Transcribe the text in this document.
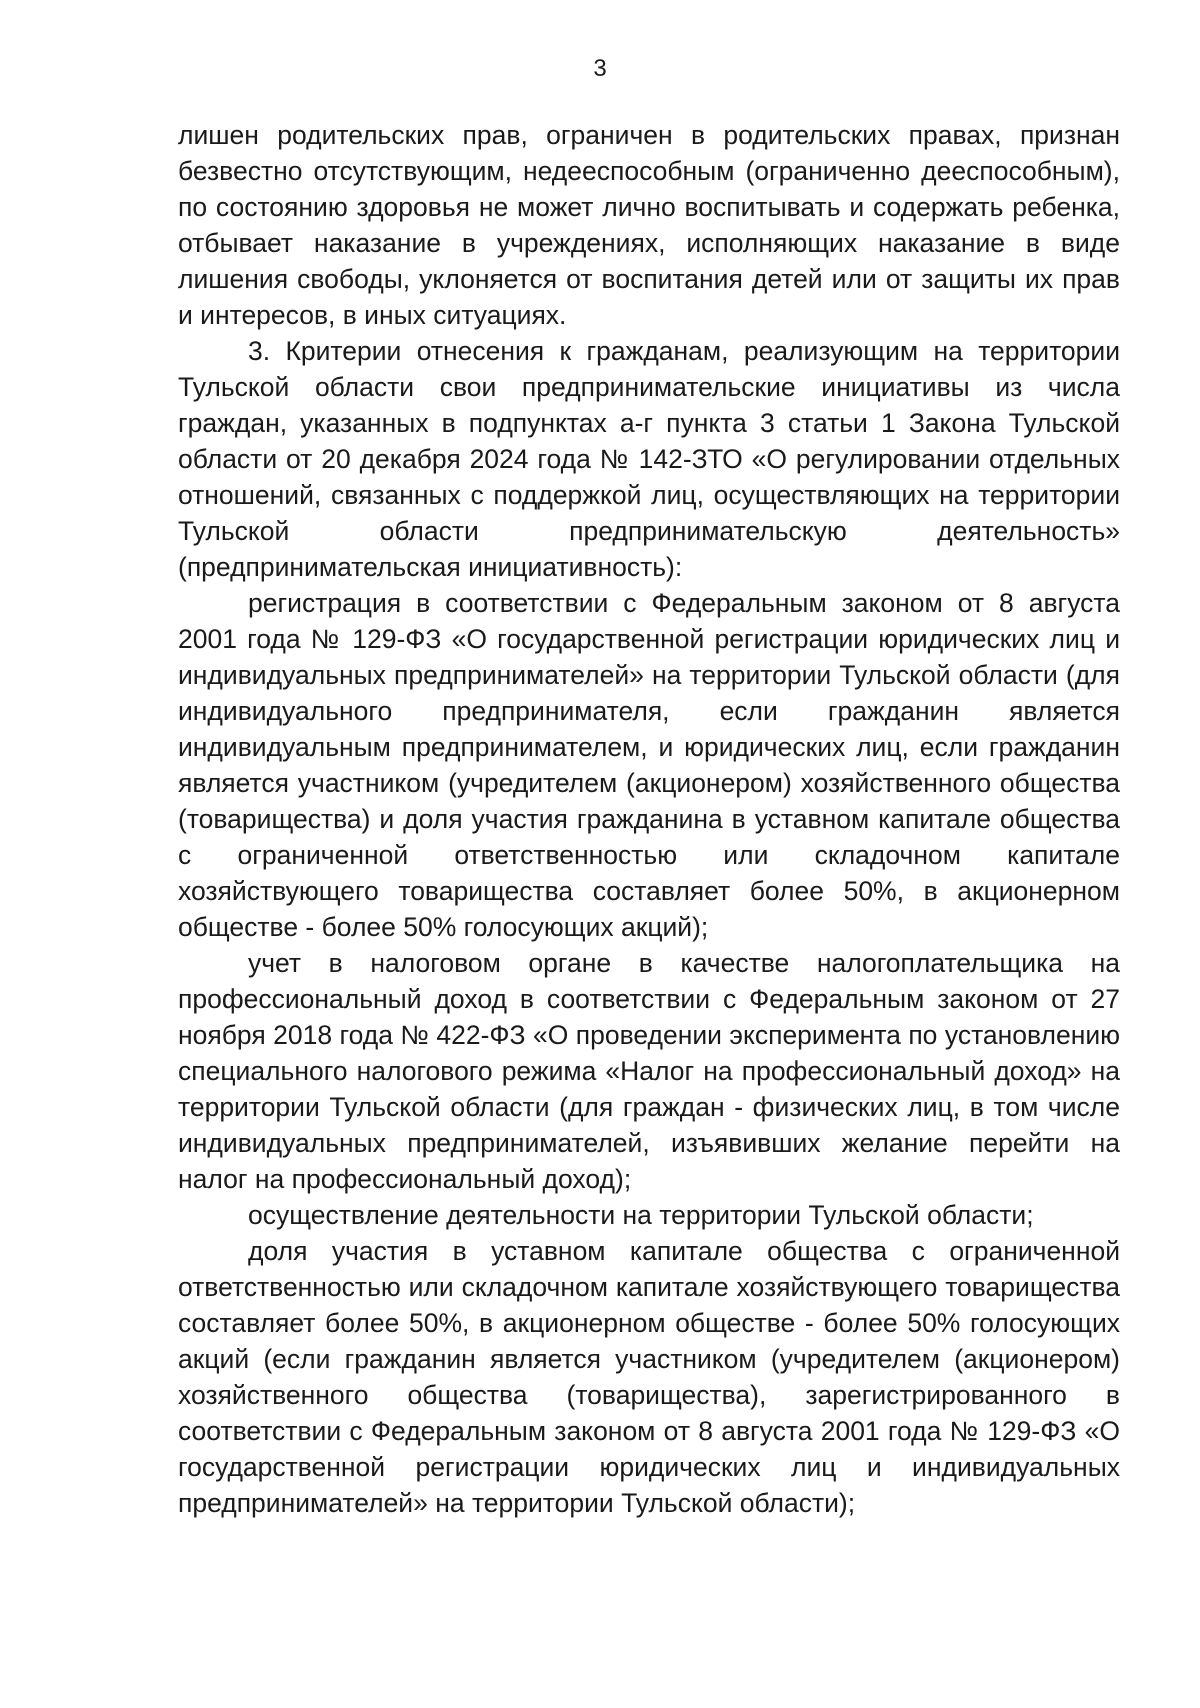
3

лишен родительских прав, ограничен в родительских правах, признан безвестно отсутствующим, недееспособным (ограниченно дееспособным), по состоянию здоровья не может лично воспитывать и содержать ребенка, отбывает наказание в учреждениях, исполняющих наказание в виде лишения свободы, уклоняется от воспитания детей или от защиты их прав и интересов, в иных ситуациях.

3. Критерии отнесения к гражданам, реализующим на территории Тульской области свои предпринимательские инициативы из числа граждан, указанных в подпунктах а-г пункта 3 статьи 1 Закона Тульской области от 20 декабря 2024 года № 142-ЗТО «О регулировании отдельных отношений, связанных с поддержкой лиц, осуществляющих на территории Тульской области предпринимательскую деятельность» (предпринимательская инициативность):

регистрация в соответствии с Федеральным законом от 8 августа 2001 года № 129-ФЗ «О государственной регистрации юридических лиц и индивидуальных предпринимателей» на территории Тульской области (для индивидуального предпринимателя, если гражданин является индивидуальным предпринимателем, и юридических лиц, если гражданин является участником (учредителем (акционером) хозяйственного общества (товарищества) и доля участия гражданина в уставном капитале общества с ограниченной ответственностью или складочном капитале хозяйствующего товарищества составляет более 50%, в акционерном обществе - более 50% голосующих акций);

учет в налоговом органе в качестве налогоплательщика на профессиональный доход в соответствии с Федеральным законом от 27 ноября 2018 года № 422-ФЗ «О проведении эксперимента по установлению специального налогового режима «Налог на профессиональный доход» на территории Тульской области (для граждан - физических лиц, в том числе индивидуальных предпринимателей, изъявивших желание перейти на налог на профессиональный доход);

осуществление деятельности на территории Тульской области;

доля участия в уставном капитале общества с ограниченной ответственностью или складочном капитале хозяйствующего товарищества составляет более 50%, в акционерном обществе - более 50% голосующих акций (если гражданин является участником (учредителем (акционером) хозяйственного общества (товарищества), зарегистрированного в соответствии с Федеральным законом от 8 августа 2001 года № 129-ФЗ «О государственной регистрации юридических лиц и индивидуальных предпринимателей» на территории Тульской области);
